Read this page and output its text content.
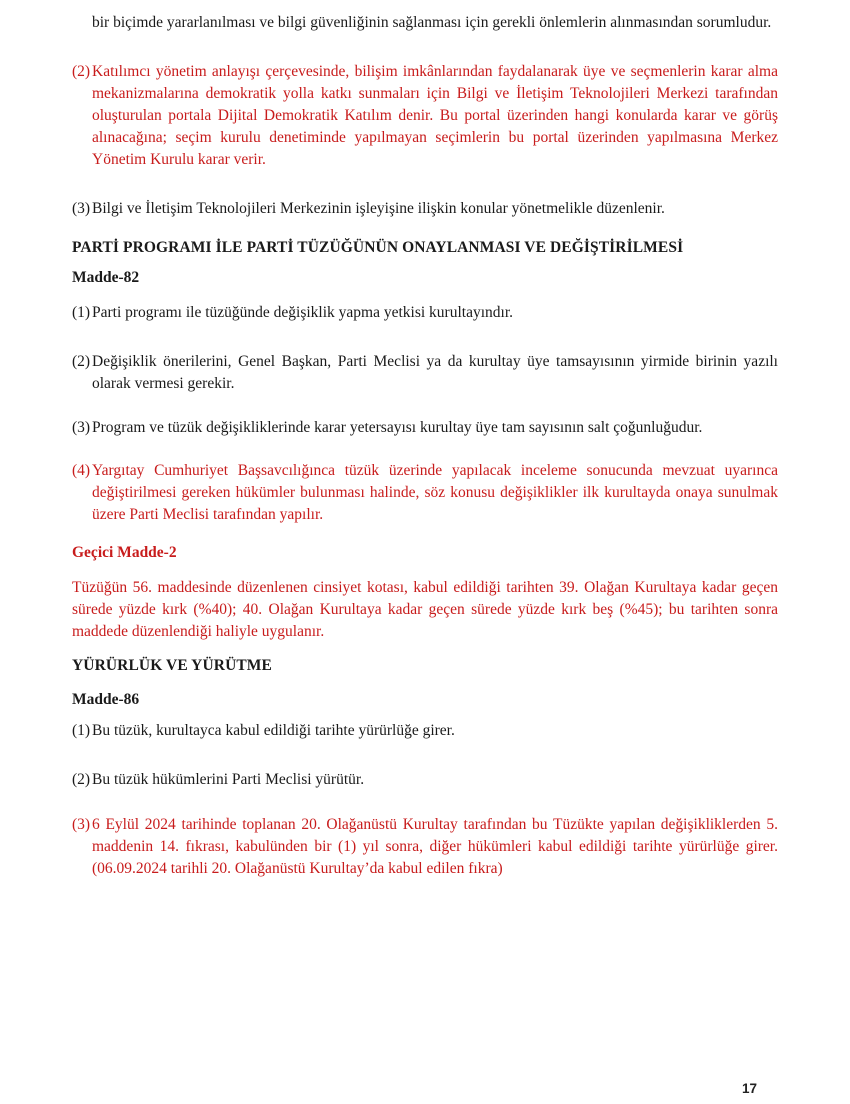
bir biçimde yararlanılması ve bilgi güvenliğinin sağlanması için gerekli önlemlerin alınmasından sorumludur.
(2) Katılımcı yönetim anlayışı çerçevesinde, bilişim imkânlarından faydalanarak üye ve seçmenlerin karar alma mekanizmalarına demokratik yolla katkı sunmaları için Bilgi ve İletişim Teknolojileri Merkezi tarafından oluşturulan portala Dijital Demokratik Katılım denir. Bu portal üzerinden hangi konularda karar ve görüş alınacağına; seçim kurulu denetiminde yapılmayan seçimlerin bu portal üzerinden yapılmasına Merkez Yönetim Kurulu karar verir.
(3) Bilgi ve İletişim Teknolojileri Merkezinin işleyişine ilişkin konular yönetmelikle düzenlenir.
PARTİ PROGRAMI İLE PARTİ TÜZÜĞÜNÜN ONAYLANMASI VE DEĞİŞTİRİLMESİ
Madde-82
(1) Parti programı ile tüzüğünde değişiklik yapma yetkisi kurultayındır.
(2) Değişiklik önerilerini, Genel Başkan, Parti Meclisi ya da kurultay üye tamsayısının yirmide birinin yazılı olarak vermesi gerekir.
(3) Program ve tüzük değişikliklerinde karar yetersayısı kurultay üye tam sayısının salt çoğunluğudur.
(4) Yargıtay Cumhuriyet Başsavcılığınca tüzük üzerinde yapılacak inceleme sonucunda mevzuat uyarınca değiştirilmesi gereken hükümler bulunması halinde, söz konusu değişiklikler ilk kurultayda onaya sunulmak üzere Parti Meclisi tarafından yapılır.
Geçici Madde-2
Tüzüğün 56. maddesinde düzenlenen cinsiyet kotası, kabul edildiği tarihten 39. Olağan Kurultaya kadar geçen sürede yüzde kırk (%40); 40. Olağan Kurultaya kadar geçen sürede yüzde kırk beş (%45); bu tarihten sonra maddede düzenlendiği haliyle uygulanır.
YÜRÜRLÜK VE YÜRÜTME
Madde-86
(1) Bu tüzük, kurultayca kabul edildiği tarihte yürürlüğe girer.
(2) Bu tüzük hükümlerini Parti Meclisi yürütür.
(3) 6 Eylül 2024 tarihinde toplanan 20. Olağanüstü Kurultay tarafından bu Tüzükte yapılan değişikliklerden 5. maddenin 14. fıkrası, kabulünden bir (1) yıl sonra, diğer hükümleri kabul edildiği tarihte yürürlüğe girer. (06.09.2024 tarihli 20. Olağanüstü Kurultay’da kabul edilen fıkra)
17
